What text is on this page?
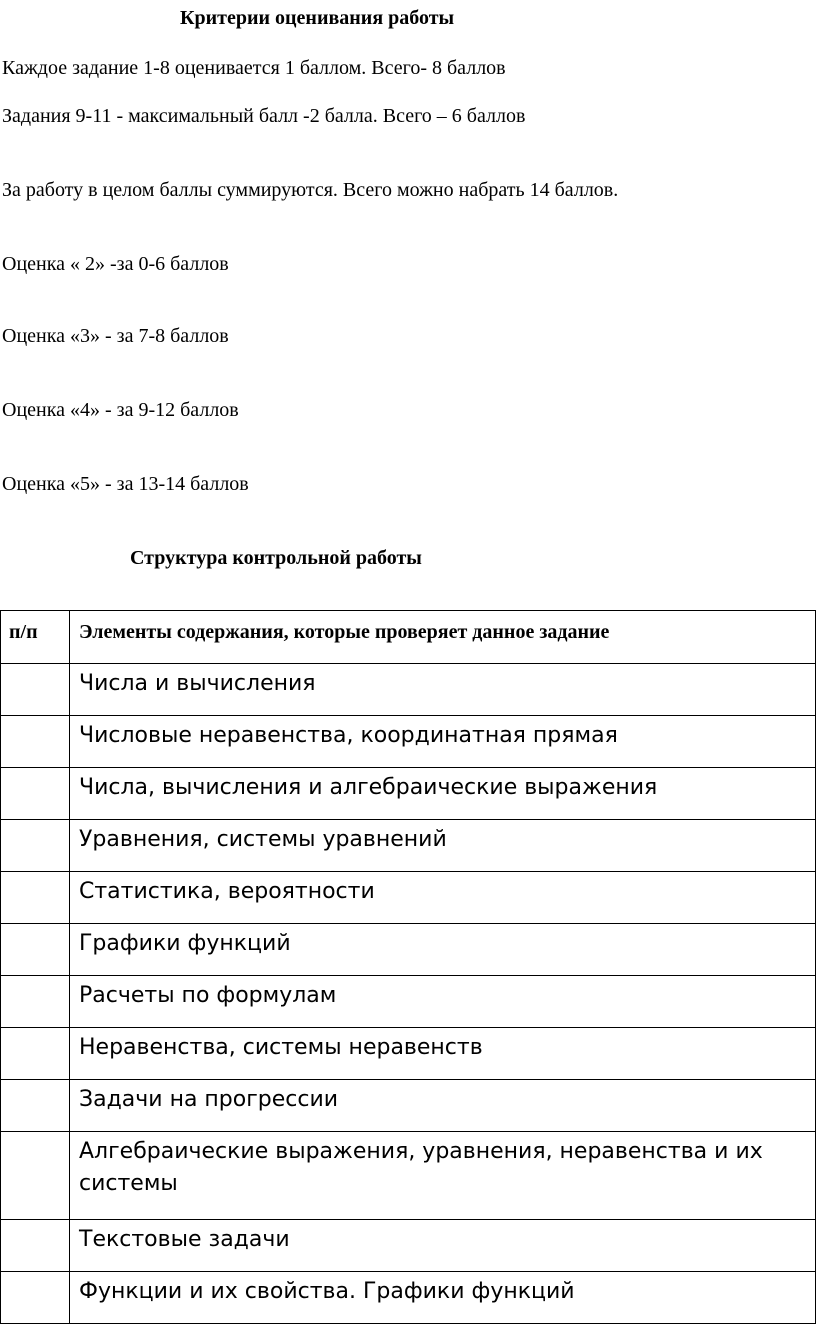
Критерии оценивания работы
Каждое задание 1-8 оценивается 1 баллом. Всего- 8 баллов
Задания 9-11 - максимальный балл -2 балла. Всего – 6 баллов
За работу в целом баллы суммируются. Всего можно набрать 14 баллов.
Оценка « 2» -за 0-6 баллов
Оценка «3» - за 7-8 баллов
Оценка «4» - за 9-12 баллов
Оценка «5» - за 13-14 баллов
Структура контрольной работы
п/п	Элементы содержания, которые проверяет данное задание
	Числа и вычисления
	Числовые неравенства, координатная прямая
	Числа, вычисления и алгебраические выражения
	Уравнения, системы уравнений
	Статистика, вероятности
	Графики функций
	Расчеты по формулам
	Неравенства, системы неравенств
	Задачи на прогрессии
	Алгебраические выражения, уравнения, неравенства и их системы
	Текстовые задачи
	Функции и их свойства. Графики функций
